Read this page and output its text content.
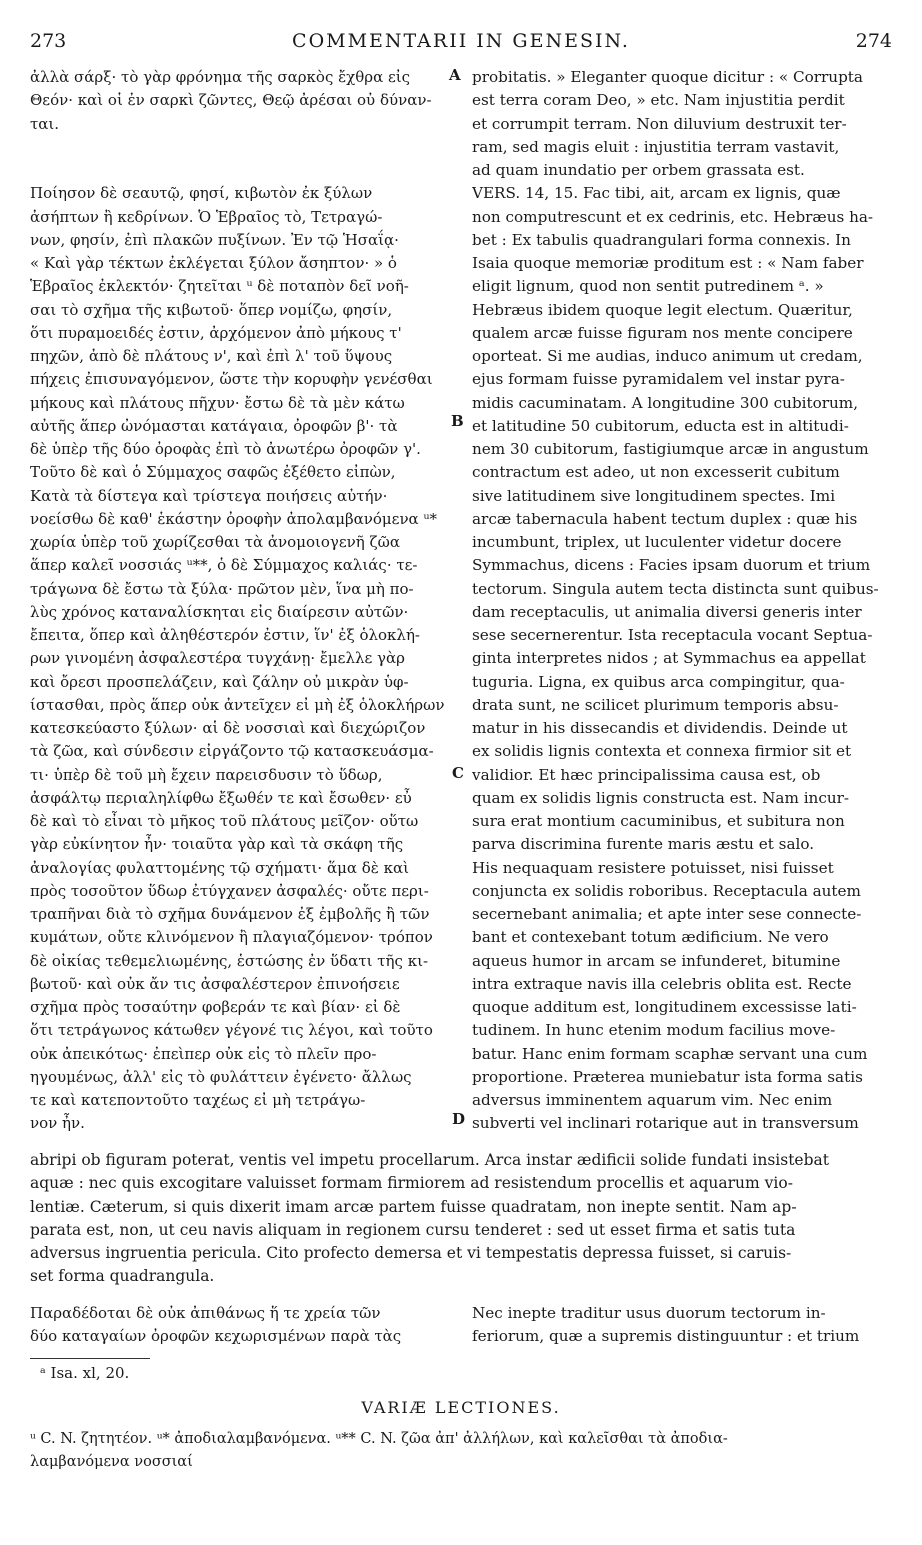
273	COMMENTARII IN GENESIN.	274
ἀλλὰ σάρξ· τὸ γὰρ φρόνημα τῆς σαρκὸς ἔχθρα εἰς
Θεόν· καὶ οἱ ἐν σαρκὶ ζῶντες, Θεῷ ἀρέσαι οὐ δύναν-
ται.
Ποίησον δὲ σεαυτῷ, φησί, κιβωτὸν ἐκ ξύλων
ἀσήπτων ἢ κεδρίνων. Ὁ Ἑβραῖος τὸ, Τετραγώ-
νων, φησίν, ἐπὶ πλακῶν πυξίνων. Ἐν τῷ Ἡσαΐᾳ·
« Καὶ γὰρ τέκτων ἐκλέγεται ξύλον ἄσηπτον· » ὁ
Ἑβραῖος ἐκλεκτόν· ζητεῖται ᵘ δὲ ποταπὸν δεῖ νοῆ-
σαι τὸ σχῆμα τῆς κιβωτοῦ· ὅπερ νομίζω, φησίν,
ὅτι πυραμοειδές ἐστιν, ἀρχόμενον ἀπὸ μήκους τ'
πηχῶν, ἀπὸ δὲ πλάτους ν', καὶ ἐπὶ λ' τοῦ ὕψους
πήχεις ἐπισυναγόμενον, ὥστε τὴν κορυφὴν γενέσθαι
μήκους καὶ πλάτους πῆχυν· ἔστω δὲ τὰ μὲν κάτω
αὐτῆς ἅπερ ὠνόμασται κατάγαια, ὀροφῶν β'· τὰ
δὲ ὑπὲρ τῆς δύο ὀροφὰς ἐπὶ τὸ ἀνωτέρω ὀροφῶν γ'.
Τοῦτο δὲ καὶ ὁ Σύμμαχος σαφῶς ἐξέθετο εἰπὼν,
Κατὰ τὰ δίστεγα καὶ τρίστεγα ποιήσεις αὐτήν·
νοείσθω δὲ καθ' ἑκάστην ὀροφὴν ἀπολαμβανόμενα ᵘ*
χωρία ὑπὲρ τοῦ χωρίζεσθαι τὰ ἀνομοιογενῆ ζῶα
ἅπερ καλεῖ νοσσιάς ᵘ**, ὁ δὲ Σύμμαχος καλιάς· τε-
τράγωνα δὲ ἔστω τὰ ξύλα· πρῶτον μὲν, ἵνα μὴ πο-
λὺς χρόνος καταναλίσκηται εἰς διαίρεσιν αὐτῶν·
ἔπειτα, ὅπερ καὶ ἀληθέστερόν ἐστιν, ἵν' ἐξ ὁλοκλή-
ρων γινομένη ἀσφαλεστέρα τυγχάνῃ· ἔμελλε γὰρ
καὶ ὄρεσι προσπελάζειν, καὶ ζάλην οὐ μικρὰν ὑφ-
ίστασθαι, πρὸς ἅπερ οὐκ ἀντεῖχεν εἰ μὴ ἐξ ὁλοκλήρων
κατεσκεύαστο ξύλων· αἱ δὲ νοσσιαὶ καὶ διεχώριζον
τὰ ζῶα, καὶ σύνδεσιν εἰργάζοντο τῷ κατασκευάσμα-
τι· ὑπὲρ δὲ τοῦ μὴ ἔχειν παρεισδυσιν τὸ ὕδωρ,
ἀσφάλτῳ περιαληλίφθω ἔξωθέν τε καὶ ἔσωθεν· εὖ
δὲ καὶ τὸ εἶναι τὸ μῆκος τοῦ πλάτους μεῖζον· οὕτω
γὰρ εὐκίνητον ἦν· τοιαῦτα γὰρ καὶ τὰ σκάφη τῆς
ἀναλογίας φυλαττομένης τῷ σχήματι· ἅμα δὲ καὶ
πρὸς τοσοῦτον ὕδωρ ἐτύγχανεν ἀσφαλές· οὔτε περι-
τραπῆναι διὰ τὸ σχῆμα δυνάμενον ἐξ ἐμβολῆς ἢ τῶν
κυμάτων, οὔτε κλινόμενον ἢ πλαγιαζόμενον· τρόπον
δὲ οἰκίας τεθεμελιωμένης, ἑστώσης ἐν ὕδατι τῆς κι-
βωτοῦ· καὶ οὐκ ἄν τις ἀσφαλέστερον ἐπινοήσειε
σχῆμα πρὸς τοσαύτην φοβεράν τε καὶ βίαν· εἰ δὲ
ὅτι τετράγωνος κάτωθεν γέγονέ τις λέγοι, καὶ τοῦτο
οὐκ ἀπεικότως· ἐπεὶπερ οὐκ εἰς τὸ πλεῖν προ-
ηγουμένως, ἀλλ' εἰς τὸ φυλάττειν ἐγένετο· ἄλλως
τε καὶ κατεποντοῦτο ταχέως εἰ μὴ τετράγω-
νον ἦν.
probitatis. » Eleganter quoque dicitur : « Corrupta
est terra coram Deo, » etc. Nam injustitia perdit
et corrumpit terram. Non diluvium destruxit ter-
ram, sed magis eluit : injustitia terram vastavit,
ad quam inundatio per orbem grassata est.
VERS. 14, 15. Fac tibi, ait, arcam ex lignis, quæ
non computrescunt et ex cedrinis, etc. Hebræus ha-
bet : Ex tabulis quadrangulari forma connexis. In
Isaia quoque memoriæ proditum est : « Nam faber
eligit lignum, quod non sentit putredinem ᵃ. »
Hebræus ibidem quoque legit electum. Quæritur,
qualem arcæ fuisse figuram nos mente concipere
oporteat. Si me audias, induco animum ut credam,
ejus formam fuisse pyramidalem vel instar pyra-
midis cacuminatam. A longitudine 300 cubitorum,
et latitudine 50 cubitorum, educta est in altitudi-
nem 30 cubitorum, fastigiumque arcæ in angustum
contractum est adeo, ut non excesserit cubitum
sive latitudinem sive longitudinem spectes. Imi
arcæ tabernacula habent tectum duplex : quæ his
incumbunt, triplex, ut luculenter videtur docere
Symmachus, dicens : Facies ipsam duorum et trium
tectorum. Singula autem tecta distincta sunt quibus-
dam receptaculis, ut animalia diversi generis inter
sese secernerentur. Ista receptacula vocant Septua-
ginta interpretes nidos ; at Symmachus ea appellat
tuguria. Ligna, ex quibus arca compingitur, qua-
drata sunt, ne scilicet plurimum temporis absu-
matur in his dissecandis et dividendis. Deinde ut
ex solidis lignis contexta et connexa firmior sit et
validior. Et hæc principalissima causa est, ob
quam ex solidis lignis constructa est. Nam incur-
sura erat montium cacuminibus, et subitura non
parva discrimina furente maris æstu et salo.
His nequaquam resistere potuisset, nisi fuisset
conjuncta ex solidis roboribus. Receptacula autem
secernebant animalia; et apte inter sese connecte-
bant et contexebant totum ædificium. Ne vero
aqueus humor in arcam se infunderet, bitumine
intra extraque navis illa celebris oblita est. Recte
quoque additum est, longitudinem excessisse lati-
tudinem. In hunc etenim modum facilius move-
batur. Hanc enim formam scaphæ servant una cum
proportione. Præterea muniebatur ista forma satis
adversus imminentem aquarum vim. Nec enim
subverti vel inclinari rotarique aut in transversum
A
B
C
D
abripi ob figuram poterat, ventis vel impetu procellarum. Arca instar ædificii solide fundati insistebat
aquæ : nec quis excogitare valuisset formam firmiorem ad resistendum procellis et aquarum vio-
lentiæ. Cæterum, si quis dixerit imam arcæ partem fuisse quadratam, non inepte sentit. Nam ap-
parata est, non, ut ceu navis aliquam in regionem cursu tenderet : sed ut esset firma et satis tuta
adversus ingruentia pericula. Cito profecto demersa et vi tempestatis depressa fuisset, si caruis-
set forma quadrangula.
Παραδέδοται δὲ οὐκ ἀπιθάνως ἥ τε χρεία τῶν
δύο καταγαίων ὀροφῶν κεχωρισμένων παρὰ τὰς
Nec inepte traditur usus duorum tectorum in-
feriorum, quæ a supremis distinguuntur : et trium
ᵃ Isa. xl, 20.
VARIÆ LECTIONES.
ᵘ C. N. ζητητέον. ᵘ* ἀποδιαλαμβανόμενα. ᵘ** C. N. ζῶα ἀπ' ἀλλήλων, καὶ καλεῖσθαι τὰ ἀποδια-
λαμβανόμενα νοσσιαί
